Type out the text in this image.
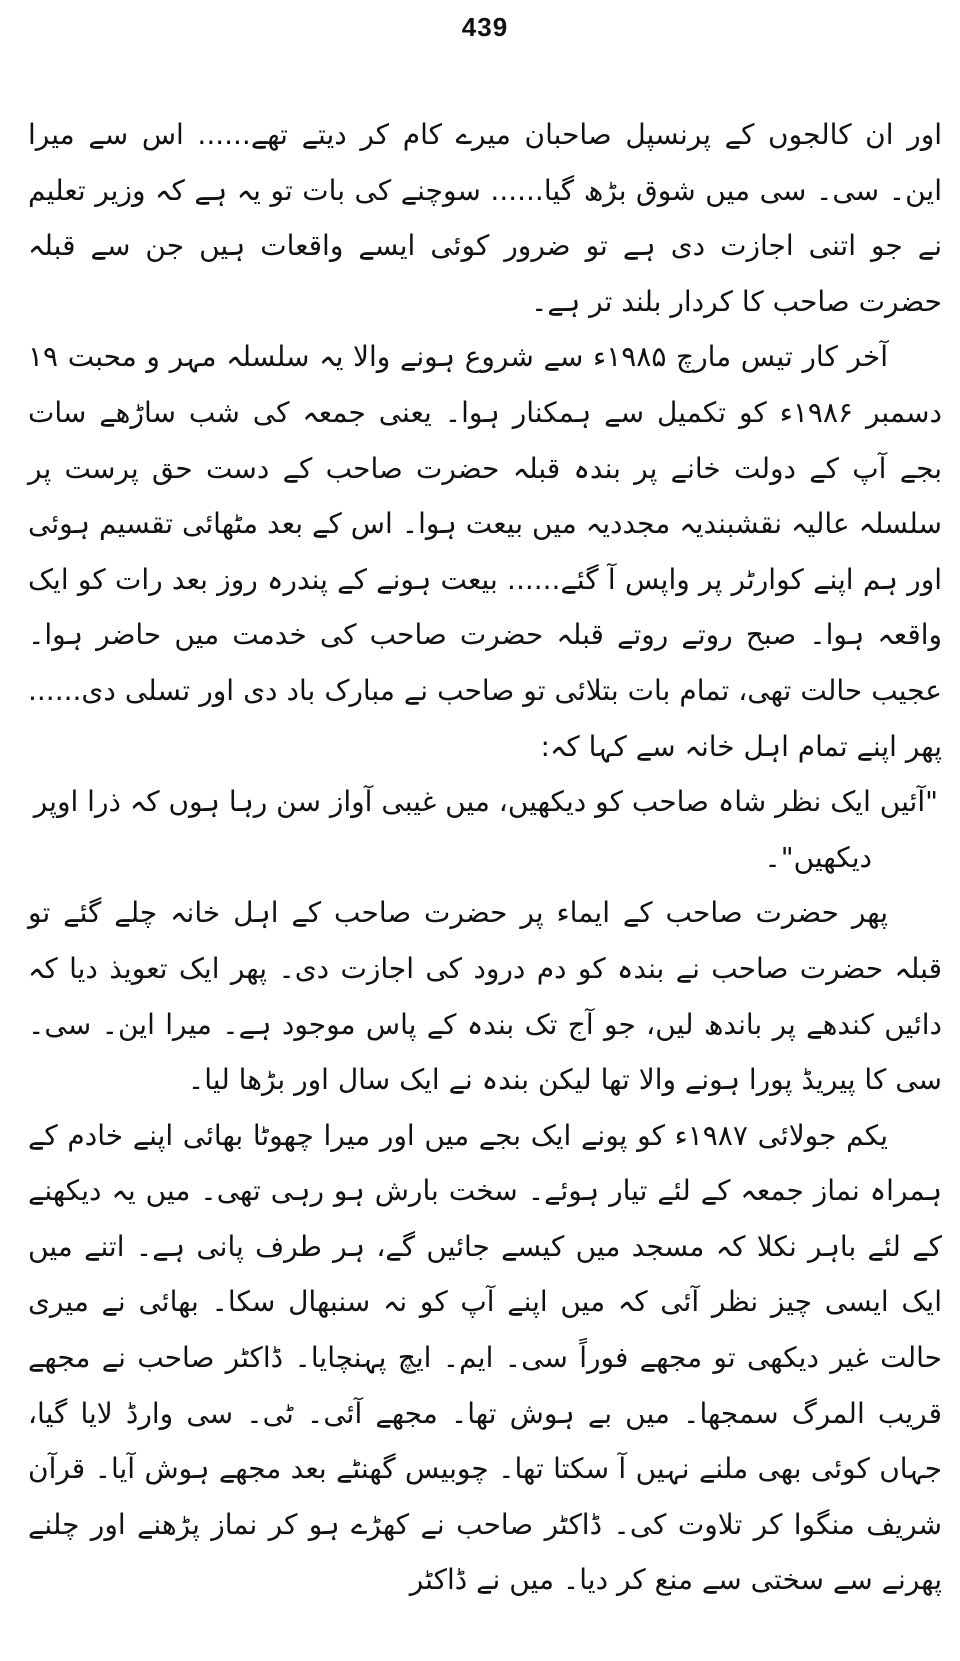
439

اور ان کالجوں کے پرنسپل صاحبان میرے کام کر دیتے تھے...... اس سے میرا این۔ سی۔ سی میں شوق بڑھ گیا...... سوچنے کی بات تو یہ ہے کہ وزیر تعلیم نے جو اتنی اجازت دی ہے تو ضرور کوئی ایسے واقعات ہیں جن سے قبلہ حضرت صاحب کا کردار بلند تر ہے۔

آخر کار تیس مارچ ۱۹۸۵ء سے شروع ہونے والا یہ سلسلہ مہر و محبت ۱۹ دسمبر ۱۹۸۶ء کو تکمیل سے ہمکنار ہوا۔ یعنی جمعہ کی شب ساڑھے سات بجے آپ کے دولت خانے پر بندہ قبلہ حضرت صاحب کے دست حق پرست پر سلسلہ عالیہ نقشبندیہ مجددیہ میں بیعت ہوا۔ اس کے بعد مٹھائی تقسیم ہوئی اور ہم اپنے کوارٹر پر واپس آ گئے...... بیعت ہونے کے پندرہ روز بعد رات کو ایک واقعہ ہوا۔ صبح روتے روتے قبلہ حضرت صاحب کی خدمت میں حاضر ہوا۔ عجیب حالت تھی، تمام بات بتلائی تو صاحب نے مبارک باد دی اور تسلی دی...... پھر اپنے تمام اہل خانہ سے کہا کہ:

"آئیں ایک نظر شاہ صاحب کو دیکھیں، میں غیبی آواز سن رہا ہوں کہ ذرا اوپر

دیکھیں"۔

پھر حضرت صاحب کے ایماء پر حضرت صاحب کے اہل خانہ چلے گئے تو قبلہ حضرت صاحب نے بندہ کو دم درود کی اجازت دی۔ پھر ایک تعویذ دیا کہ دائیں کندھے پر باندھ لیں، جو آج تک بندہ کے پاس موجود ہے۔ میرا این۔ سی۔ سی کا پیریڈ پورا ہونے والا تھا لیکن بندہ نے ایک سال اور بڑھا لیا۔

یکم جولائی ۱۹۸۷ء کو پونے ایک بجے میں اور میرا چھوٹا بھائی اپنے خادم کے ہمراہ نماز جمعہ کے لئے تیار ہوئے۔ سخت بارش ہو رہی تھی۔ میں یہ دیکھنے کے لئے باہر نکلا کہ مسجد میں کیسے جائیں گے، ہر طرف پانی ہے۔ اتنے میں ایک ایسی چیز نظر آئی کہ میں اپنے آپ کو نہ سنبھال سکا۔ بھائی نے میری حالت غیر دیکھی تو مجھے فوراً سی۔ ایم۔ ایچ پہنچایا۔ ڈاکٹر صاحب نے مجھے قریب المرگ سمجھا۔ میں بے ہوش تھا۔ مجھے آئی۔ ٹی۔ سی وارڈ لایا گیا، جہاں کوئی بھی ملنے نہیں آ سکتا تھا۔ چوبیس گھنٹے بعد مجھے ہوش آیا۔ قرآن شریف منگوا کر تلاوت کی۔ ڈاکٹر صاحب نے کھڑے ہو کر نماز پڑھنے اور چلنے پھرنے سے سختی سے منع کر دیا۔ میں نے ڈاکٹر
